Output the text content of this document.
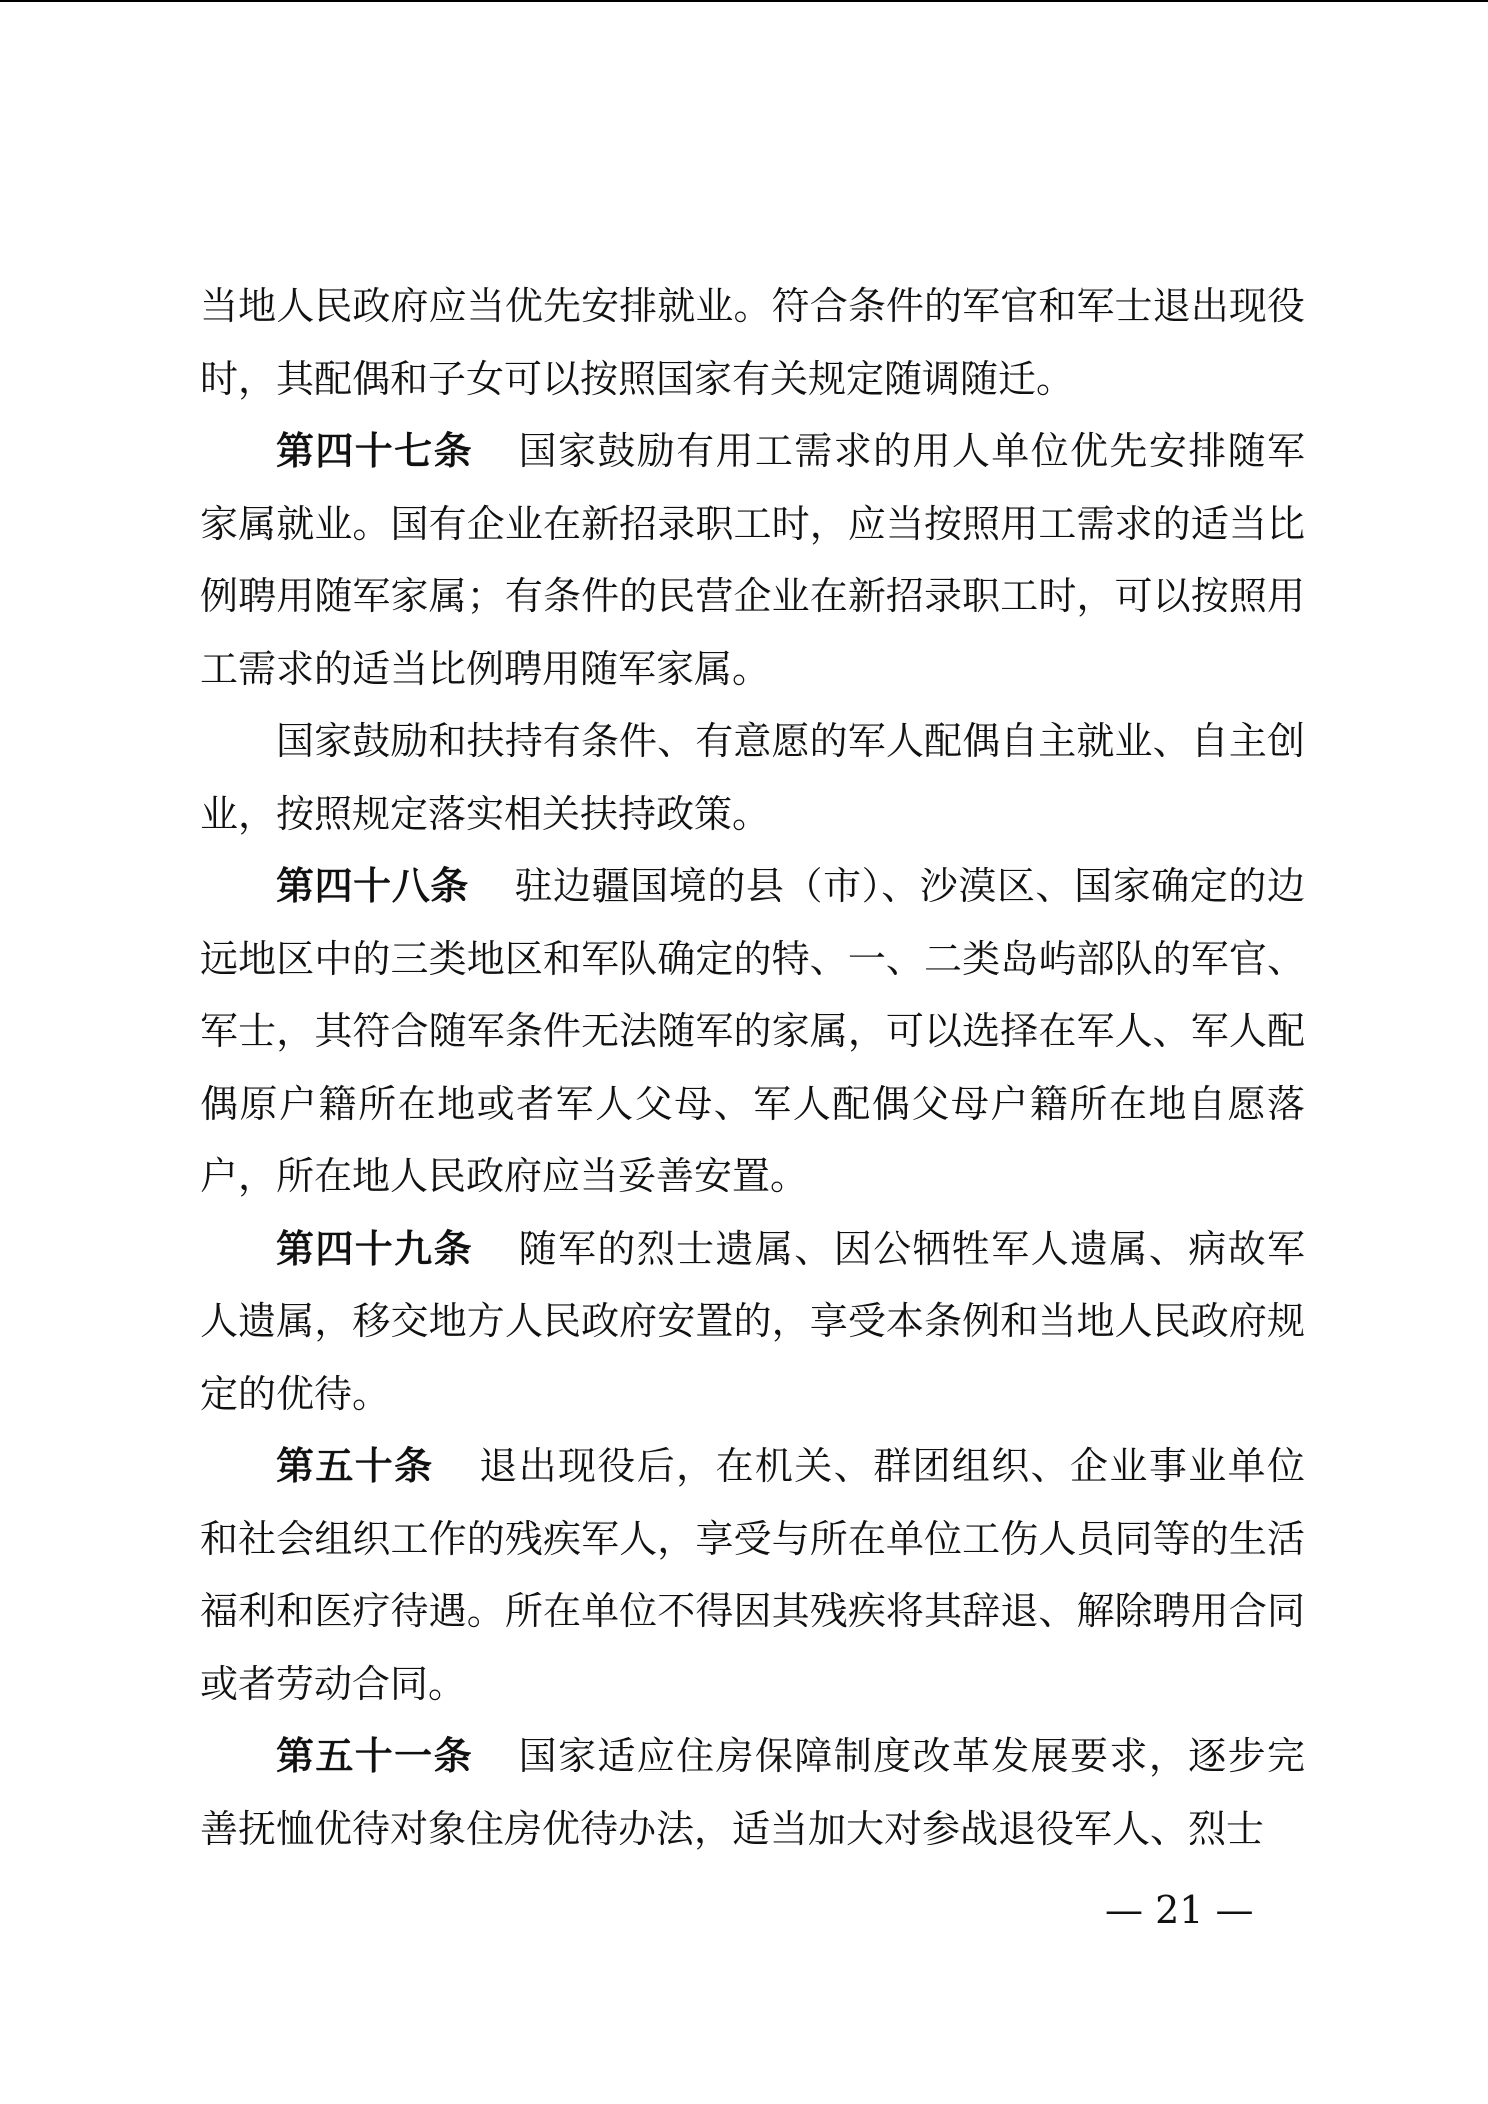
当地人民政府应当优先安排就业。符合条件的军官和军士退出现役时，其配偶和子女可以按照国家有关规定随调随迁。

第四十七条 国家鼓励有用工需求的用人单位优先安排随军家属就业。国有企业在新招录职工时，应当按照用工需求的适当比例聘用随军家属；有条件的民营企业在新招录职工时，可以按照用工需求的适当比例聘用随军家属。

国家鼓励和扶持有条件、有意愿的军人配偶自主就业、自主创业，按照规定落实相关扶持政策。

第四十八条 驻边疆国境的县（市）、沙漠区、国家确定的边远地区中的三类地区和军队确定的特、一、二类岛屿部队的军官、军士，其符合随军条件无法随军的家属，可以选择在军人、军人配偶原户籍所在地或者军人父母、军人配偶父母户籍所在地自愿落户，所在地人民政府应当妥善安置。

第四十九条 随军的烈士遗属、因公牺牲军人遗属、病故军人遗属，移交地方人民政府安置的，享受本条例和当地人民政府规定的优待。

第五十条 退出现役后，在机关、群团组织、企业事业单位和社会组织工作的残疾军人，享受与所在单位工伤人员同等的生活福利和医疗待遇。所在单位不得因其残疾将其辞退、解除聘用合同或者劳动合同。

第五十一条 国家适应住房保障制度改革发展要求，逐步完善抚恤优待对象住房优待办法，适当加大对参战退役军人、烈士

— 21 —
